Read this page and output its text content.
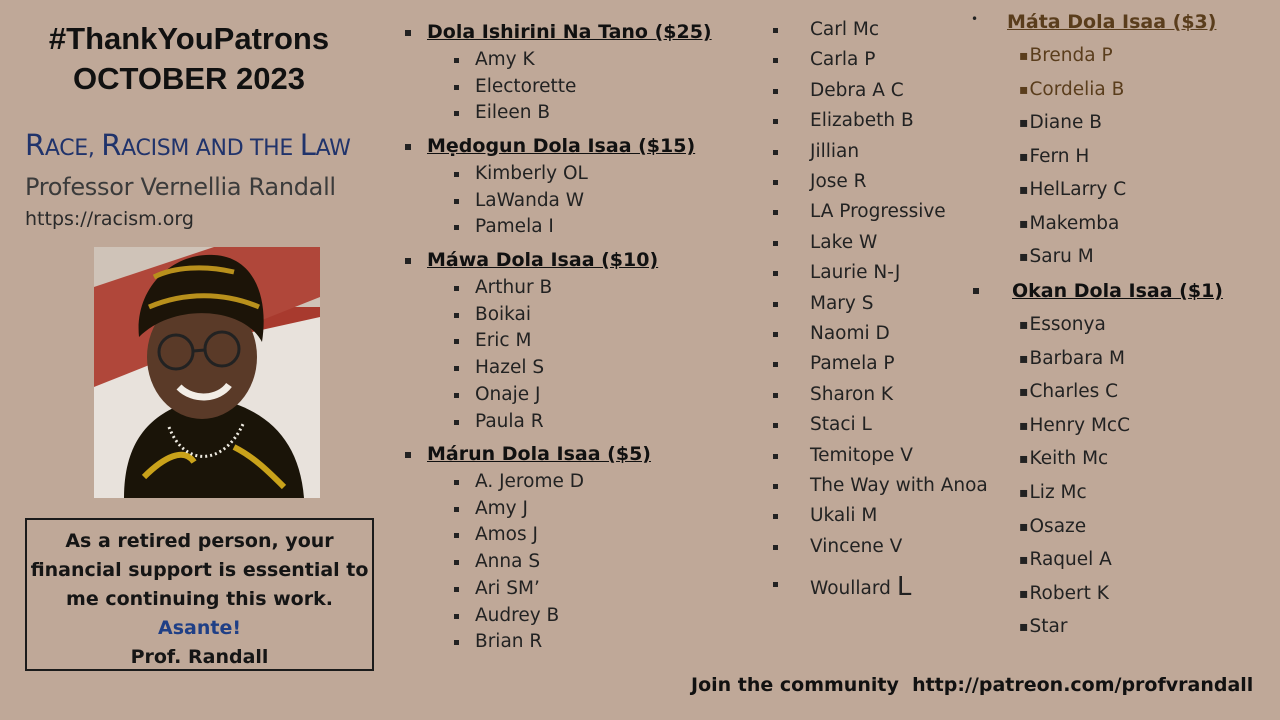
#ThankYouPatrons
OCTOBER 2023
RACE, RACISM AND THE LAW
Professor Vernellia Randall
https://racism.org
As a retired person, your
financial support is essential to
me continuing this work.
Asante!
Prof. Randall
Dola Ishirini Na Tano ($25)
Mẹdogun Dola Isaa ($15)
Máwa Dola Isaa ($10)
Márun Dola Isaa ($5)
• Máta Dola Isaa ($3)
Okan Dola Isaa ($1)
Amy K
Electorette
Eileen B
Kimberly OL
LaWanda W
Pamela I
Arthur B
Boikai
Eric M
Hazel S
Onaje J
Paula R
A. Jerome D
Amy J
Amos J
Anna S
Ari SM’
Audrey B
Brian R
Carl Mc
Carla P
Debra A C
Elizabeth B
Jillian
Jose R
LA Progressive
Lake W
Laurie N-J
Mary S
Naomi D
Pamela P
Sharon K
Staci L
Temitope V
The Way with Anoa
Ukali M
Vincene V
Woullard L
▪Brenda P
▪Cordelia B
▪Diane B
▪Fern H
▪HelLarry C
▪Makemba
▪Saru M
▪Essonya
▪Barbara M
▪Charles C
▪Henry McC
▪Keith Mc
▪Liz Mc
▪Osaze
▪Raquel A
▪Robert K
▪Star
Join the community http://patreon.com/profvrandall
